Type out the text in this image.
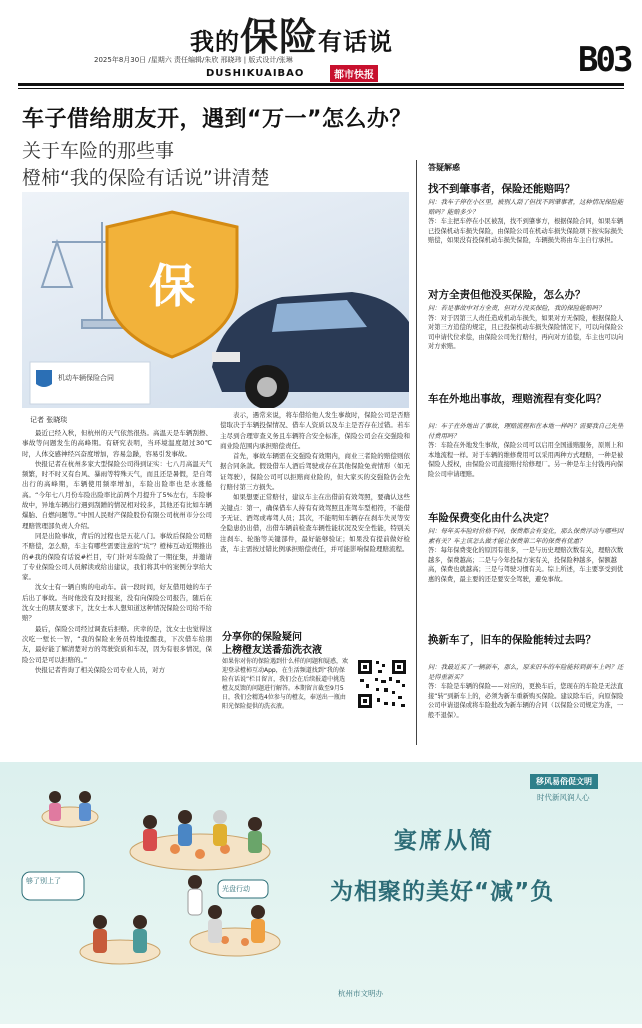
我的保险有话说
2025年8月30日 /星期六 责任编辑/朱欣 邢晓玮 | 版式设计/张琳
DUSHIKUAIBAO	都市快报	B03
车子借给朋友开，遇到“万一”怎么办？
关于车险的那些事
橙柿“我的保险有话说”讲清楚
保
机动车辆保险合同
记者 张晓琰

最近已经入秋，但杭州的天气依然很热。高温天是车辆刮擦、事故等问题发生的高峰期。有研究表明，当环境温度超过30℃时，人体交感神经兴奋度增加，容易急躁，容易引发事故。

快报记者在杭州多家大型保险公司得到证实：七八月高温天气频繁，时不时又有台风、暴雨等特殊天气，而且还是暑假，是自驾出行的高峰期，车辆使用频率增加，车险出险率也是水涨船高。“今年七八月份车险出险率比前两个月提升了5%左右，车险事故中，异地车辆出行遇到刮蹭的情况相对较多，其他还有比如车辆爆胎、自燃问题等。”中国人民财产保险股份有限公司杭州市分公司理赔管理部负责人介绍。

同是出险事故，背后的过程也是五花八门。事故后保险公司赔不赔偿，怎么赔，车主有哪些需要注意的“坑”？橙柿互动近期推出的#我的保险有话说#栏目，专门针对车险做了一期征集，并邀请了专业保险公司人员解读或给出建议，我们将其中的案例分享给大家。

沈女士有一辆自购的电动车。前一段时间，好友借用她的车子后出了事故。当时他没有及时报案，没有向保险公司报告，随后在沈女士的朋友要求下，沈女士本人想知道这种情况保险公司给不给赔？

最后，保险公司经过调查后拒赔。庆幸的是，沈女士也觉得这次吃一堑长一智，“我的保险业务员特地提醒我，下次借车给朋友，最好能了解清楚对方的驾驶资质和车况，因为有很多情况，保险公司是可以拒赔的。”

快报记者咨询了相关保险公司专业人员，对方

表示，遇常来说，将车借给他人发生事故时，保险公司是否赔偿取决于车辆投保情况、借车人资质以及车主是否存在过错。若车主尽到合理审查义务且车辆符合安全标准，保险公司会在交强险和商业险范围内承担赔偿责任。

首先，事故车辆需在交强险有效期内，商业三者险的赔偿则依据合同条款。假设借车人酒后驾驶或存在其他保险免责情形（如无证驾驶），保险公司可以拒赔商业险的，但大家买的交强险仍会先行赔付第三方损失。

如果想要正常赔付，建议车主在出借前有效驾照，要确认这些关键点：第一，确保借车人持有有效驾照且准驾车型相符，不能借予无证、酒驾或毒驾人员；其次，不能明知车辆存在刹车失灵等安全隐患仍出借，出借车辆前检查车辆性能状况及安全性能，特别关注刹车、轮胎等关键部件，最好能够验证；如果没有提前做好检查，车主需按过错比例承担赔偿责任，并可能影响保险理赔流程。

分享你的保险疑问
上榜橙友送番茄洗衣液
如果你对你的保险遇到什么样的问题和疑惑，欢迎登录橙柿互动App，在生活频道找到“我的保险有话说”栏目留言，我们会在后续报道中挑选橙友反馈的问题进行解答。本期留言截至9月5日，我们会精选4位参与的橙友，奉送出一瓶由阳光保险提供的洗衣液。
答疑解惑
找不到肇事者，保险还能赔吗？
问：我车子停在小区里，被别人刮了但找不到肇事者，这种情况保险能赔吗？能赔多少？
答：车主把车停在小区被刮，找不到肇事方，根据保险合同，如果车辆已投保机动车损失保险，由保险公司在机动车损失保险项下按实际损失赔偿，如果没有投保机动车损失保险，车辆损失将由车主自行承担。
对方全责但他没买保险，怎么办？
问：若是事故中对方全责，但对方没买保险，我的保险能赔吗？
答：对于因第三人责任造成机动车损失，如果对方无保险，根据保险人对第三方追偿的规定，且已投保机动车损失保险情况下，可以向保险公司申请代位求偿，由保险公司先行赔付，再向对方追偿，车主也可以向对方索赔。
车在外地出事故，理赔流程有变化吗？
问：车子在外地出了事故，理赔流程和在本地一样吗？需要我自己先垫付费用吗？
答：车险在外地发生事故，保险公司可以启用全国通赔服务，原则上和本地流程一样。对于车辆的维修费用可以采用两种方式理赔，一种是被保险人授权，由保险公司直接赔付给修理厂。另一种是车主付钱再向保险公司申请理赔。
车险保费变化由什么决定？
问：每年买车险时价格不同，保费都会有变化，那么保费浮动与哪些因素有关？车主该怎么做才能让保费第二年的保费有优惠？
答：每年保费变化的原因有很多，一是与历史理赔次数有关，理赔次数越多，保费越高；二是与今年投保方案有关，投保险种越多，保额越高，保费也就越高；三是与驾驶习惯有关。综上所述，车主要享受到优惠的保费，最主要的还是要安全驾驶，避免事故。
换新车了，旧车的保险能转过去吗？
问：我最近买了一辆新车，那么，原来旧车的车险能转到新车上吗？还是得重新买？
答：车险是车辆的保险——对应的，更换车后，您现在的车险是无法直接“转”到新车上的，必须为新车重新购买保险。建议除车后，向原保险公司申请退保或将车险批改为新车辆的合同（以保险公司规定为准，一般不退保）。
够了别上了
光盘行动
移风易俗促文明
时代新风润人心
宴席从简
为相聚的美好“减”负
杭州市文明办
